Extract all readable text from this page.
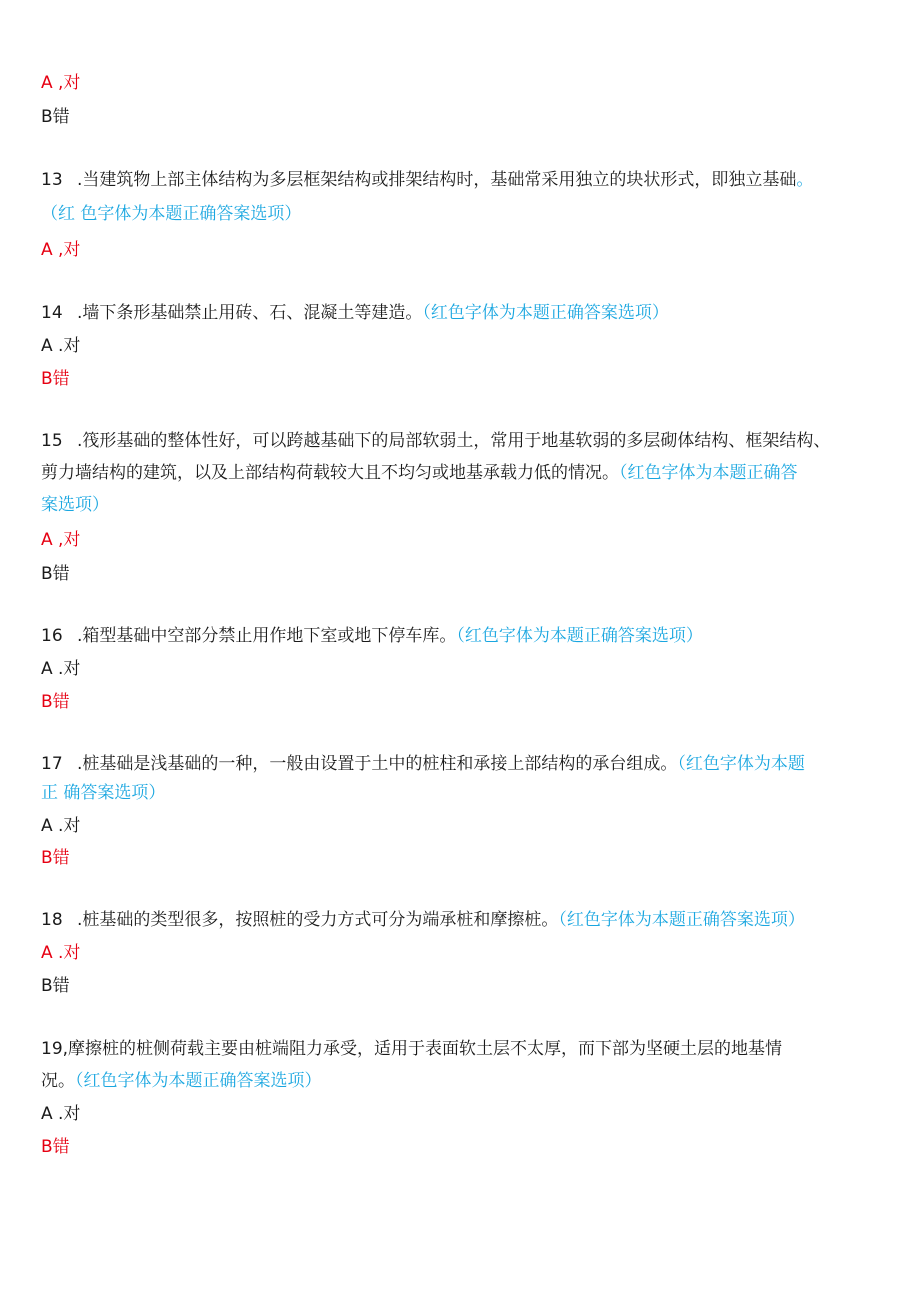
A ,对
B错
13 .当建筑物上部主体结构为多层框架结构或排架结构时，基础常采用独立的块状形式，即独立基础。
（红 色字体为本题正确答案选项）
A ,对
14 .墙下条形基础禁止用砖、石、混凝土等建造。（红色字体为本题正确答案选项）
A .对
B错
15 .筏形基础的整体性好，可以跨越基础下的局部软弱土，常用于地基软弱的多层砌体结构、框架结构、
剪力墙结构的建筑，以及上部结构荷载较大且不均匀或地基承载力低的情况。（红色字体为本题正确答
案选项）
A ,对
B错
16 .箱型基础中空部分禁止用作地下室或地下停车库。（红色字体为本题正确答案选项）
A .对
B错
17 .桩基础是浅基础的一种，一般由设置于土中的桩柱和承接上部结构的承台组成。（红色字体为本题
正 确答案选项）
A .对
B错
18 .桩基础的类型很多，按照桩的受力方式可分为端承桩和摩擦桩。（红色字体为本题正确答案选项）
A .对
B错
19,摩擦桩的桩侧荷载主要由桩端阻力承受，适用于表面软土层不太厚，而下部为坚硬土层的地基情
况。（红色字体为本题正确答案选项）
A .对
B错
